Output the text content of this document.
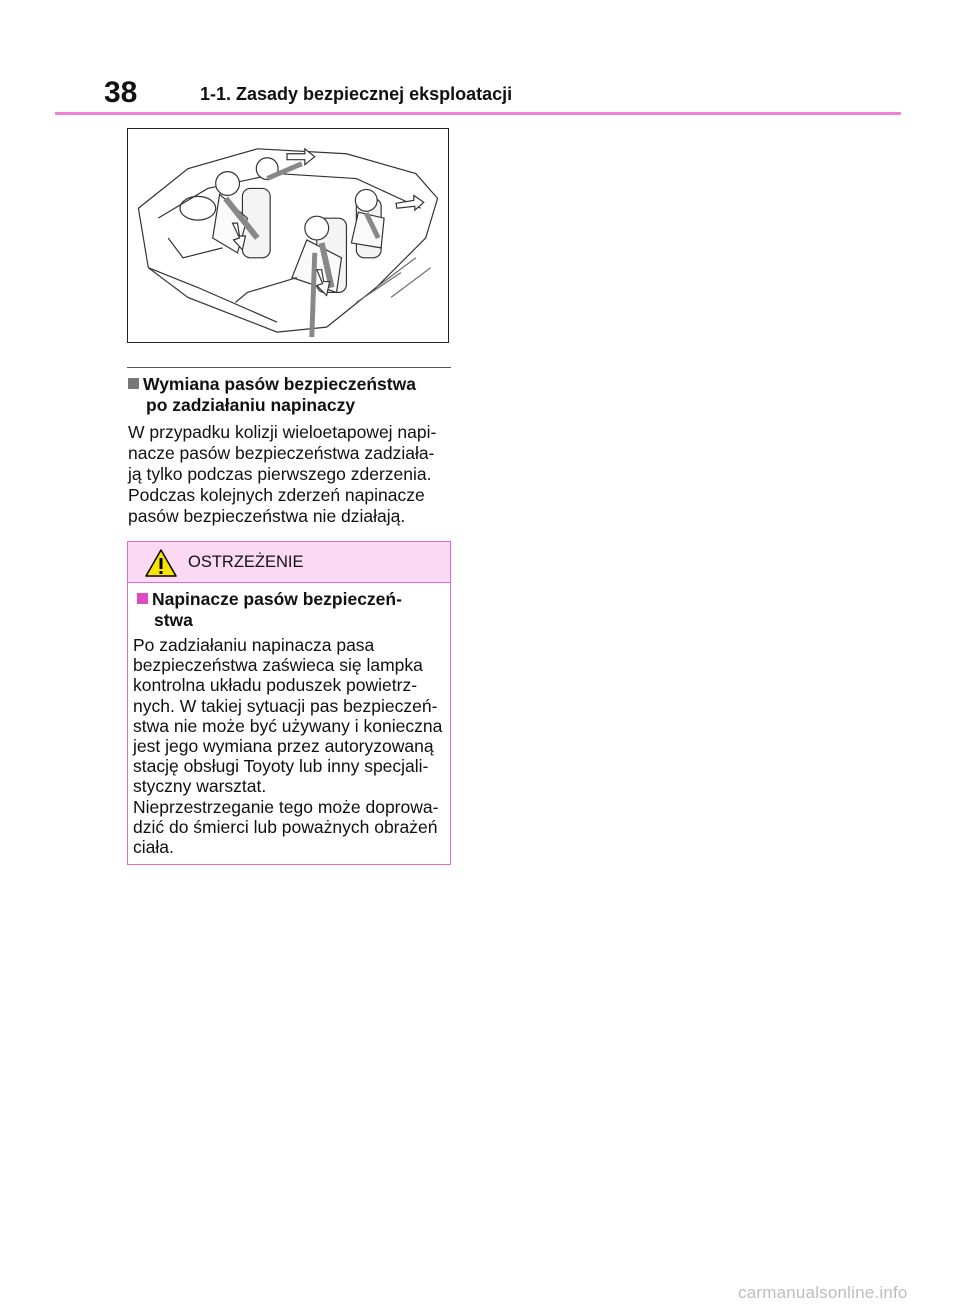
38	1-1. Zasady bezpiecznej eksploatacji
Wymiana pasów bezpieczeństwa
po zadziałaniu napinaczy
W przypadku kolizji wieloetapowej napi-
nacze pasów bezpieczeństwa zadziała-
ją tylko podczas pierwszego zderzenia.
Podczas kolejnych zderzeń napinacze
pasów bezpieczeństwa nie działają.
OSTRZEŻENIE
Napinacze pasów bezpieczeń-
stwa
Po zadziałaniu napinacza pasa
bezpieczeństwa zaświeca się lampka
kontrolna układu poduszek powietrz-
nych. W takiej sytuacji pas bezpieczeń-
stwa nie może być używany i konieczna
jest jego wymiana przez autoryzowaną
stację obsługi Toyoty lub inny specjali-
styczny warsztat.
Nieprzestrzeganie tego może doprowa-
dzić do śmierci lub poważnych obrażeń
ciała.
carmanualsonline.info
